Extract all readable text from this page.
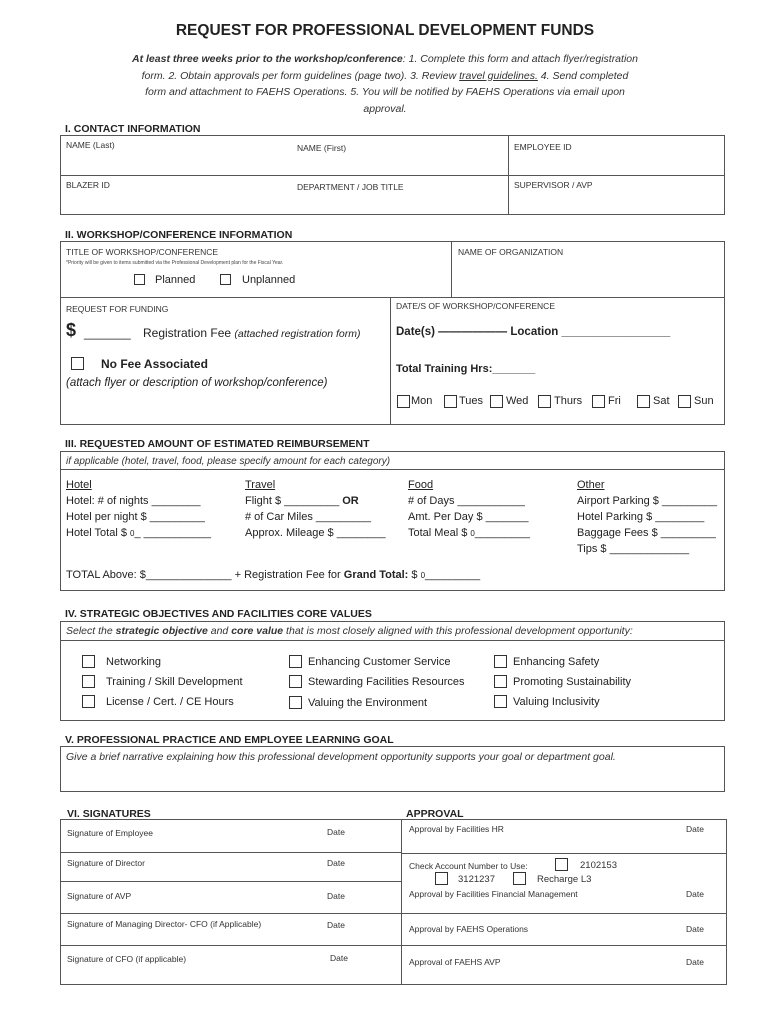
REQUEST FOR PROFESSIONAL DEVELOPMENT FUNDS
At least three weeks prior to the workshop/conference: 1. Complete this form and attach flyer/registration
form. 2. Obtain approvals per form guidelines (page two). 3. Review travel guidelines. 4. Send completed
form and attachment to FAEHS Operations. 5. You will be notified by FAEHS Operations via email upon
approval.
I. CONTACT INFORMATION
NAME (Last)	NAME (First)	EMPLOYEE ID
BLAZER ID	DEPARTMENT / JOB TITLE	SUPERVISOR / AVP
II. WORKSHOP/CONFERENCE INFORMATION
TITLE OF WORKSHOP/CONFERENCE
*Priority will be given to items submitted via the Professional Development plan for the Fiscal Year.
NAME OF ORGANIZATION
Planned	Unplanned
REQUEST FOR FUNDING
$ _______ Registration Fee (attached registration form)
No Fee Associated
(attach flyer or description of workshop/conference)
DATE/S OF WORKSHOP/CONFERENCE
Date(s) —————— Location _________________
Total Training Hrs:_______
Mon Tues Wed Thurs Fri	Sat Sun
III. REQUESTED AMOUNT OF ESTIMATED REIMBURSEMENT
if applicable (hotel, travel, food, please specify amount for each category)
Hotel
Hotel: # of nights ________
Hotel per night $ _________
Hotel Total $ 0_ ___________
Travel
Flight $ _________ OR
# of Car Miles _________
Approx. Mileage $ ________
Food
# of Days ___________
Amt. Per Day $ _______
Total Meal $ 0_________
Other
Airport Parking $ _________
Hotel Parking $ ________
Baggage Fees $ _________
Tips $ _____________
TOTAL Above: $______________ + Registration Fee for Grand Total: $ 0_________
IV. STRATEGIC OBJECTIVES AND FACILITIES CORE VALUES
Select the strategic objective and core value that is most closely aligned with this professional development opportunity:
Networking
Training / Skill Development
License / Cert. / CE Hours
Enhancing Customer Service
Stewarding Facilities Resources
Valuing the Environment
Enhancing Safety
Promoting Sustainability
Valuing Inclusivity
V. PROFESSIONAL PRACTICE AND EMPLOYEE LEARNING GOAL
Give a brief narrative explaining how this professional development opportunity supports your goal or department goal.
VI. SIGNATURES	APPROVAL
Signature of Employee	Date
Signature of Director	Date
Signature of AVP	Date
Signature of Managing Director- CFO (if Applicable)	Date
Signature of CFO (if applicable)	Date
Approval by Facilities HR	Date
Check Account Number to Use:	2102153
3121237	Recharge L3
Approval by Facilities Financial Management	Date
Approval by FAEHS Operations	Date
Approval of FAEHS AVP	Date
